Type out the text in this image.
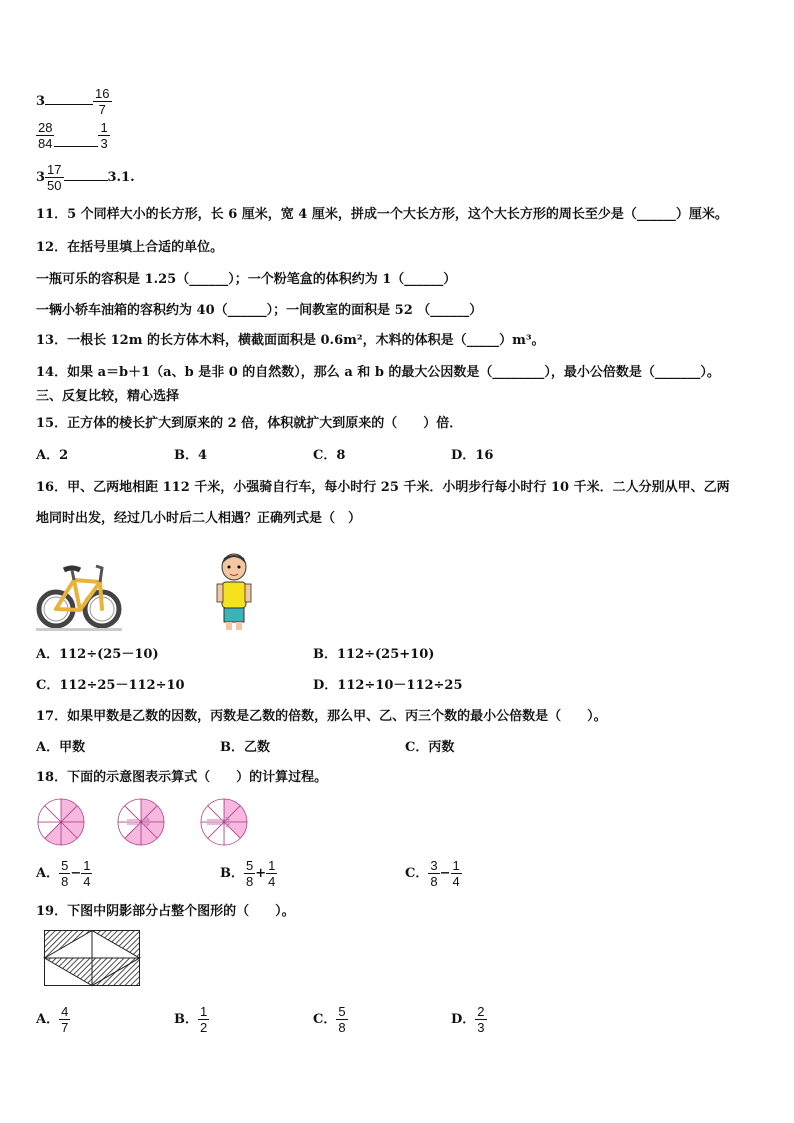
3	$\frac{16}{7}$
$\frac{28}{84}$	$\frac{1}{3}$
$3 \frac{17}{50}$	3.1.
11．5 个同样大小的长方形，长 6 厘米，宽 4 厘米，拼成一个大长方形，这个大长方形的周长至少是（______）厘米。
12．在括号里填上合适的单位。
一瓶可乐的容积是 1.25（______）；一个粉笔盒的体积约为 1（______）
一辆小轿车油箱的容积约为 40（______）；一间教室的面积是 52 （______）
13．一根长 12m 的长方体木料，横截面面积是 0.6m²，木料的体积是（_____）m³。
14．如果 a＝b＋1（a、b 是非 0 的自然数），那么 a 和 b 的最大公因数是（________），最小公倍数是（_______）。
三、反复比较，精心选择
15．正方体的棱长扩大到原来的 2 倍，体积就扩大到原来的（　　）倍．
A．2	B．4	C．8	D．16
16．甲、乙两地相距 112 千米，小强骑自行车，每小时行 25 千米．小明步行每小时行 10 千米．二人分别从甲、乙两
地同时出发，经过几小时后二人相遇？正确列式是（　）
A．112÷(25－10)	B．112÷(25+10)
C．112÷25－112÷10	D．112÷10－112÷25
17．如果甲数是乙数的因数，丙数是乙数的倍数，那么甲、乙、丙三个数的最小公倍数是（　　）。
A．甲数	B．乙数	C．丙数
18．下面的示意图表示算式（　　）的计算过程。
A． $\frac{5}{8} - \frac{1}{4}$	B． $\frac{5}{8} + \frac{1}{4}$	C． $\frac{3}{8} - \frac{1}{4}$
19．下图中阴影部分占整个图形的（　　）。
A． $\frac{4}{7}$	B． $\frac{1}{2}$	C． $\frac{5}{8}$	D． $\frac{2}{3}$
